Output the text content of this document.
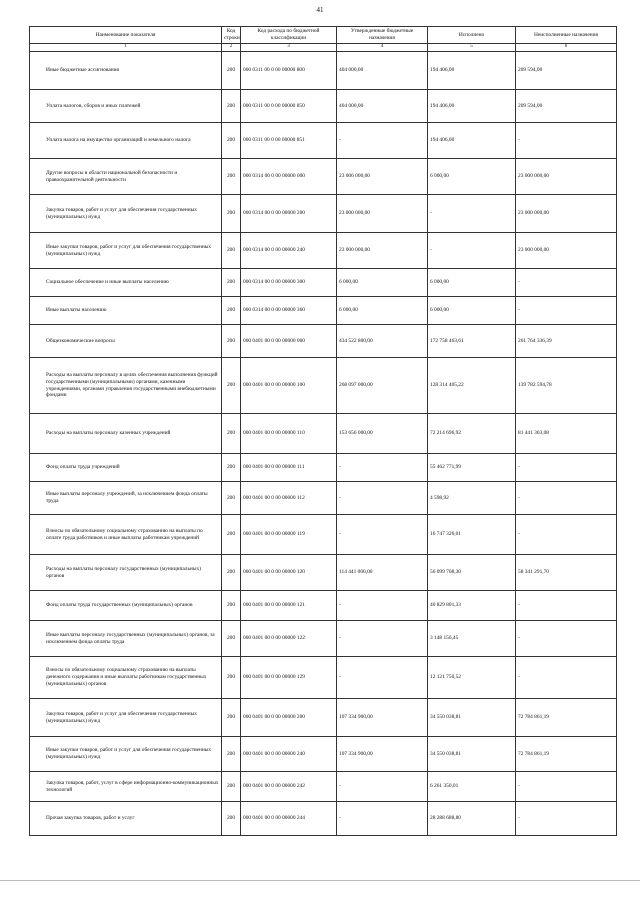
41
Наименование показателя	Код строки	Код расхода по бюджетной классификации	Утвержденные бюджетные назначения	Исполнено	Неисполненные назначения
1	2	3	4	5	6
Иные бюджетные ассигнования	200	000 0311 00 0 00 00000 800	404 000,00	194 406,00	209 594,00
Уплата налогов, сборов и иных платежей	200	000 0311 00 0 00 00000 850	404 000,00	194 406,00	209 594,00
Уплата налога на имущество организаций и земельного налога	200	000 0311 00 0 00 00000 851	-	194 406,00	-
Другие вопросы в области национальной безопасности и правоохранительной деятельности	200	000 0314 00 0 00 00000 000	23 006 000,00	6 000,00	23 000 000,00
Закупка товаров, работ и услуг для обеспечения государственных (муниципальных) нужд	200	000 0314 00 0 00 00000 200	23 000 000,00	-	23 000 000,00
Иные закупки товаров, работ и услуг для обеспечения государственных (муниципальных) нужд	200	000 0314 00 0 00 00000 240	23 000 000,00	-	23 000 000,00
Социальное обеспечение и иные выплаты населению	200	000 0314 00 0 00 00000 300	6 000,00	6 000,00	-
Иные выплаты населению	200	000 0314 00 0 00 00000 360	6 000,00	6 000,00	-
Общеэкономические вопросы	200	000 0401 00 0 00 00000 000	434 522 800,00	172 758 463,61	261 764 336,39
Расходы на выплаты персоналу в целях обеспечения выполнения функций государственными (муниципальными) органами, казенными учреждениями, органами управления государственными внебюджетными фондами	200	000 0401 00 0 00 00000 100	268 097 000,00	128 314 405,22	139 782 594,78
Расходы на выплаты персоналу казенных учреждений	200	000 0401 00 0 00 00000 110	153 656 000,00	72 214 696,92	81 441 303,08
Фонд оплаты труда учреждений	200	000 0401 00 0 00 00000 111	-	55 462 771,99	-
Иные выплаты персоналу учреждений, за исключением фонда оплаты труда	200	000 0401 00 0 00 00000 112	-	4 598,92	-
Взносы по обязательному социальному страхованию на выплаты по оплате труда работников и иные выплаты работникам учреждений	200	000 0401 00 0 00 00000 119	-	16 747 326,01	-
Расходы на выплаты персоналу государственных (муниципальных) органов	200	000 0401 00 0 00 00000 120	114 441 000,00	56 099 708,30	58 341 291,70
Фонд оплаты труда государственных (муниципальных) органов	200	000 0401 00 0 00 00000 121	-	40 829 801,33	-
Иные выплаты персоналу государственных (муниципальных) органов, за исключением фонда оплаты труда	200	000 0401 00 0 00 00000 122	-	3 148 156,45	-
Взносы по обязательному социальному страхованию на выплаты денежного содержания и иные выплаты работникам государственных (муниципальных) органов	200	000 0401 00 0 00 00000 129	-	12 121 750,52	-
Закупка товаров, работ и услуг для обеспечения государственных (муниципальных) нужд	200	000 0401 00 0 00 00000 200	107 334 900,00	34 550 038,81	72 784 861,19
Иные закупки товаров, работ и услуг для обеспечения государственных (муниципальных) нужд	200	000 0401 00 0 00 00000 240	107 334 900,00	34 550 038,81	72 784 861,19
Закупка товаров, работ, услуг в сфере информационно-коммуникационных технологий	200	000 0401 00 0 00 00000 242	-	6 261 350,01	-
Прочая закупка товаров, работ и услуг	200	000 0401 00 0 00 00000 244	-	28 288 688,80	-
